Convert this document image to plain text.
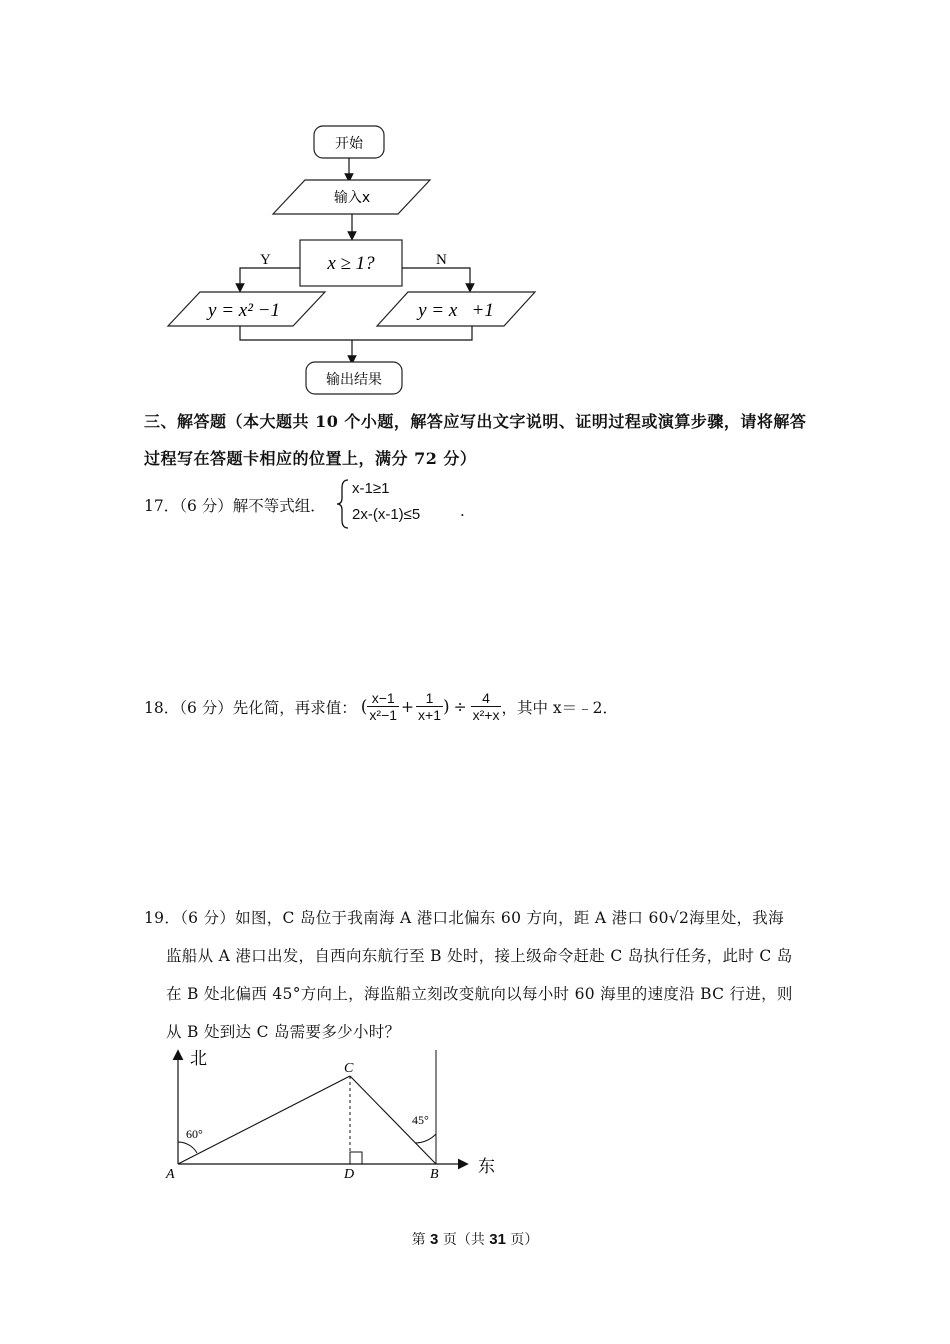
开始
输入x
x ≥ 1?
Y	N
y = x² −1	y = x   +1
输出结果
三、解答题（本大题共 10 个小题，解答应写出文字说明、证明过程或演算步骤，请将解答
过程写在答题卡相应的位置上，满分 72 分）
17．（6 分）解不等式组．
x-1≥1
2x-(x-1)≤5	.
18．（6 分）先化简，再求值： ( $\frac{x-1}{\text{x²−1}} + \frac{1}{x+1}$ ) ÷ $\frac{4}{\text{x²+x}}$ ，其中 x＝﹣2．
19．（6 分）如图，C 岛位于我南海 A 港口北偏东 60 方向，距 A 港口 60√2海里处，我海
监船从 A 港口出发，自西向东航行至 B 处时，接上级命令赶赴 C 岛执行任务，此时 C 岛
在 B 处北偏西 45°方向上，海监船立刻改变航向以每小时 60 海里的速度沿 BC 行进，则
从 B 处到达 C 岛需要多少小时？
北
东
A	B
C
D
60°
45°
第 3 页（共 31 页）
